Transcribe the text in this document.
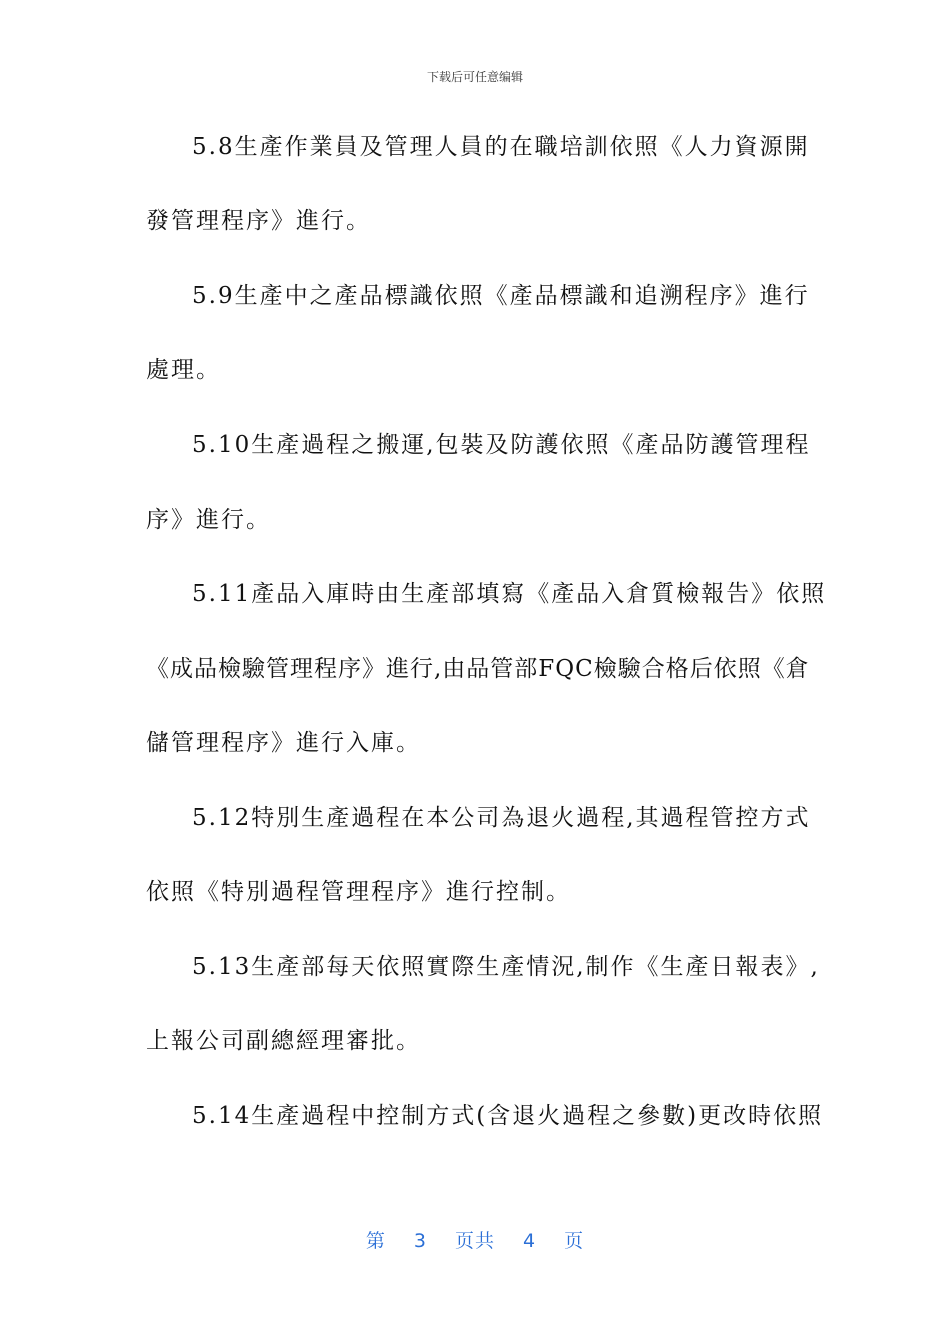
下载后可任意编辑
5.8生產作業員及管理人員的在職培訓依照《人力資源開
發管理程序》進行。
5.9生產中之產品標識依照《產品標識和追溯程序》進行
處理。
5.10生產過程之搬運,包裝及防護依照《產品防護管理程
序》進行。
5.11產品入庫時由生產部填寫《產品入倉質檢報告》依照
《成品檢驗管理程序》進行,由品管部FQC檢驗合格后依照《倉
儲管理程序》進行入庫。
5.12特別生產過程在本公司為退火過程,其過程管控方式
依照《特別過程管理程序》進行控制。
5.13生產部每天依照實際生產情況,制作《生產日報表》,
上報公司副總經理審批。
5.14生產過程中控制方式(含退火過程之參數)更改時依照
第 3 页共 4 页
